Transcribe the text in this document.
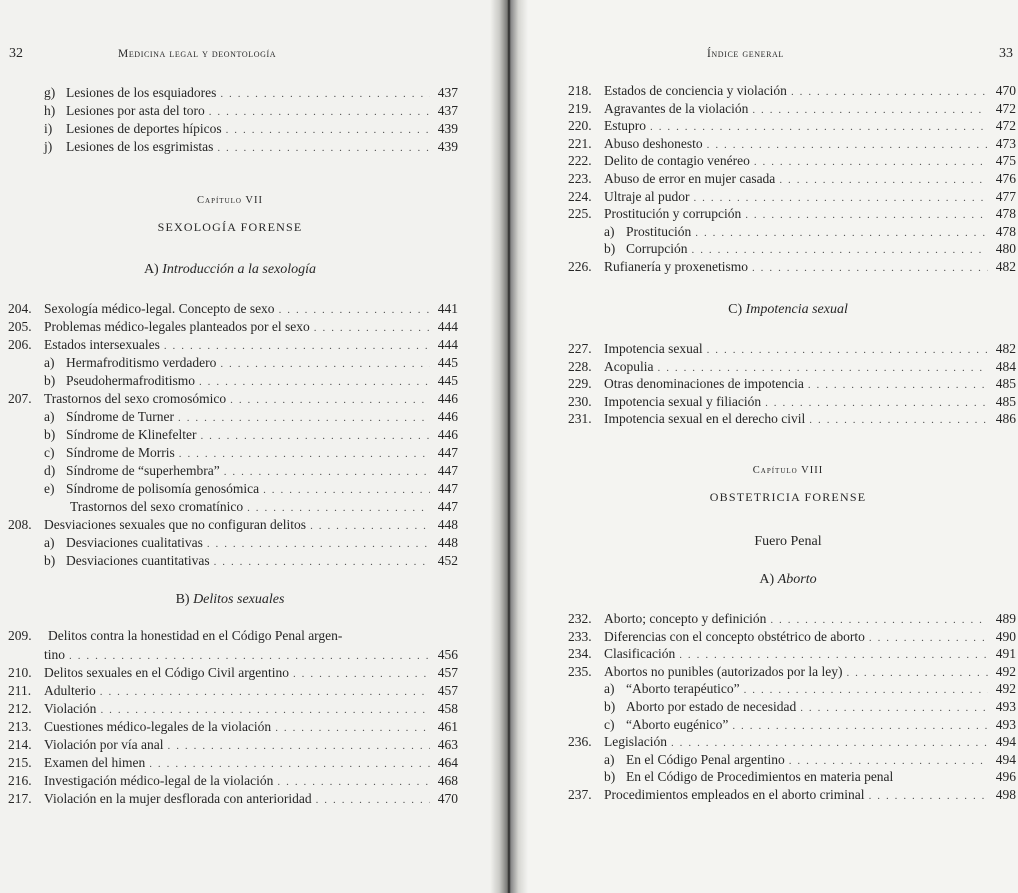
32	Medicina legal y deontología
g) Lesiones de los esquiadores . . .	437
h) Lesiones por asta del toro . . .	437
i)	Lesiones de deportes hípicos . . .	439
j)	Lesiones de los esgrimistas . . .	439
Capítulo VII
SEXOLOGÍA FORENSE
A) Introducción a la sexología
204. Sexología médico-legal. Concepto de sexo . . .	441
205. Problemas médico-legales planteados por el sexo . . .	444
206. Estados intersexuales . . .	444
a) Hermafroditismo verdadero . . .	445
b) Pseudohermafroditismo . . .	445
207. Trastornos del sexo cromosómico . . .	446
a) Síndrome de Turner . . .	446
b) Síndrome de Klinefelter . . .	446
c) Síndrome de Morris . . .	447
d) Síndrome de “superhembra” . . .	447
e) Síndrome de polisomía genosómica . . .	447
Trastornos del sexo cromatínico . . .	447
208. Desviaciones sexuales que no configuran delitos . . .	448
a) Desviaciones cualitativas . . .	448
b) Desviaciones cuantitativas . . .	452
B) Delitos sexuales
209. Delitos contra la honestidad en el Código Penal argen-
tino . . .	456
210. Delitos sexuales en el Código Civil argentino . . .	457
211. Adulterio . . .	457
212. Violación . . .	458
213. Cuestiones médico-legales de la violación . . .	461
214. Violación por vía anal . . .	463
215. Examen del himen . . .	464
216. Investigación médico-legal de la violación . . .	468
217. Violación en la mujer desflorada con anterioridad . . .	470
Índice general	33
218. Estados de conciencia y violación . . .	470
219. Agravantes de la violación . . .	472
220. Estupro . . .	472
221. Abuso deshonesto . . .	473
222. Delito de contagio venéreo . . .	475
223. Abuso de error en mujer casada . . .	476
224. Ultraje al pudor . . .	477
225. Prostitución y corrupción . . .	478
a) Prostitución . . .	478
b) Corrupción . . .	480
226. Rufianería y proxenetismo . . .	482
C) Impotencia sexual
227. Impotencia sexual . . .	482
228. Acopulia . . .	484
229. Otras denominaciones de impotencia . . .	485
230. Impotencia sexual y filiación . . .	485
231. Impotencia sexual en el derecho civil . . .	486
Capítulo VIII
OBSTETRICIA FORENSE
Fuero Penal
A) Aborto
232. Aborto; concepto y definición . . .	489
233. Diferencias con el concepto obstétrico de aborto . . .	490
234. Clasificación . . .	491
235. Abortos no punibles (autorizados por la ley) . . .	492
a) “Aborto terapéutico” . . .	492
b) Aborto por estado de necesidad . . .	493
c) “Aborto eugénico” . . .	493
236. Legislación . . .	494
a) En el Código Penal argentino . . .	494
b) En el Código de Procedimientos en materia penal	496
237. Procedimientos empleados en el aborto criminal . . .	498
